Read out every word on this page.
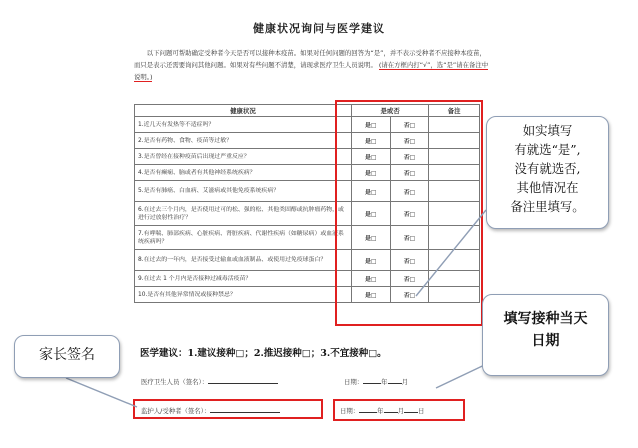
健康状况询问与医学建议
以下问题可帮助确定受种者今天是否可以接种本疫苗。如果对任何问题的回答为“是”，并不表示受种者不应接种本疫苗，而只是表示还需要询问其他问题。如果对有些问题不清楚，请现求医疗卫生人员说明。 (请在方框内打“√”，选“是”请在备注中说明。)
健康状况	是或否		备注
1.近几天有发热等不适症吗？	是□	否□	
2.是否有药物、食物、疫苗等过敏？	是□	否□	
3.是否曾经在接种疫苗后出现过严重反应？	是□	否□	
4.是否有癫痫、脑或者有其他神经系统疾病？	是□	否□	
5.是否有肺癌、白血病、艾滋病或其他免疫系统疾病？	是□	否□	
6.在过去三个月内，是否使用过可的松、强的松、其他类固醇或抗肿瘤药物，或进行过放射性治疗？	是□	否□	
7.有哮喘、肺部疾病、心脏疾病、肾脏疾病、代谢性疾病（如糖尿病）或血液系统疾病吗？	是□	否□	
8.在过去的一年内，是否接受过输血或血液制品、或使用过免疫球蛋白？	是□	否□	
9.在过去 1 个月内是否接种过减毒活疫苗？	是□	否□	
10.是否有其他异常情况或接种禁忌？	是□	否□	
医学建议：1.建议接种□；2.推迟接种□；3.不宜接种□。
医疗卫生人员（签名）：	日期：	年 月
监护人/受种者（签名）：	日期：	年 月 日
如实填写
有就选“是”,
没有就选否,
其他情况在
备注里填写。
填写接种当天
日期
家长签名
